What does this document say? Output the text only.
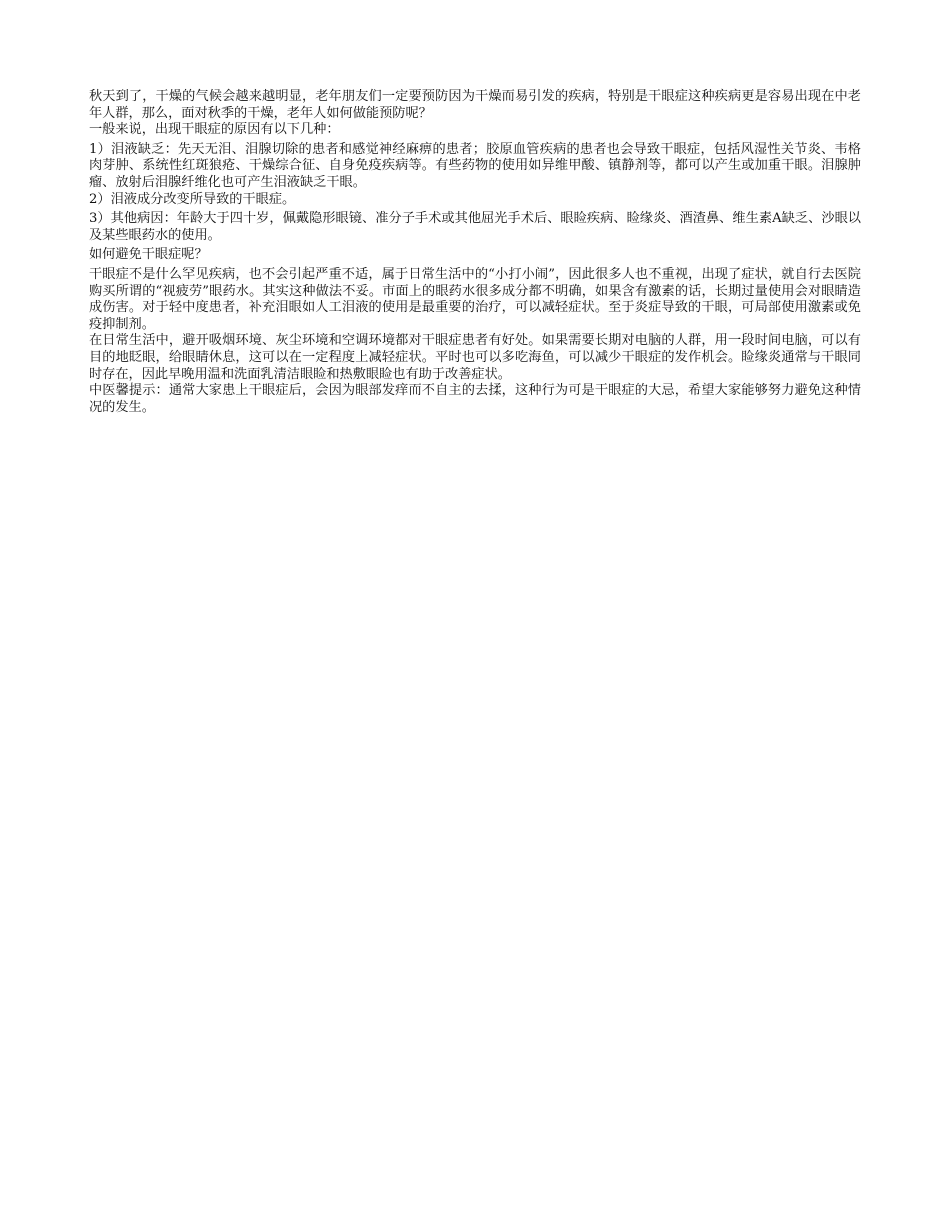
秋天到了，干燥的气候会越来越明显，老年朋友们一定要预防因为干燥而易引发的疾病，特别是干眼症这种疾病更是容易出现在中老年人群，那么，面对秋季的干燥，老年人如何做能预防呢？

一般来说，出现干眼症的原因有以下几种：

1）泪液缺乏：先天无泪、泪腺切除的患者和感觉神经麻痹的患者；胶原血管疾病的患者也会导致干眼症，包括风湿性关节炎、韦格肉芽肿、系统性红斑狼疮、干燥综合征、自身免疫疾病等。有些药物的使用如异维甲酸、镇静剂等，都可以产生或加重干眼。泪腺肿瘤、放射后泪腺纤维化也可产生泪液缺乏干眼。

2）泪液成分改变所导致的干眼症。

3）其他病因：年龄大于四十岁，佩戴隐形眼镜、准分子手术或其他屈光手术后、眼睑疾病、睑缘炎、酒渣鼻、维生素A缺乏、沙眼以及某些眼药水的使用。

如何避免干眼症呢？

干眼症不是什么罕见疾病，也不会引起严重不适，属于日常生活中的“小打小闹”，因此很多人也不重视，出现了症状，就自行去医院购买所谓的“视疲劳”眼药水。其实这种做法不妥。市面上的眼药水很多成分都不明确，如果含有激素的话，长期过量使用会对眼睛造成伤害。对于轻中度患者，补充泪眼如人工泪液的使用是最重要的治疗，可以减轻症状。至于炎症导致的干眼，可局部使用激素或免疫抑制剂。

在日常生活中，避开吸烟环境、灰尘环境和空调环境都对干眼症患者有好处。如果需要长期对电脑的人群，用一段时间电脑，可以有目的地眨眼，给眼睛休息，这可以在一定程度上减轻症状。平时也可以多吃海鱼，可以减少干眼症的发作机会。睑缘炎通常与干眼同时存在，因此早晚用温和洗面乳清洁眼睑和热敷眼睑也有助于改善症状。

中医馨提示：通常大家患上干眼症后，会因为眼部发痒而不自主的去揉，这种行为可是干眼症的大忌，希望大家能够努力避免这种情况的发生。
